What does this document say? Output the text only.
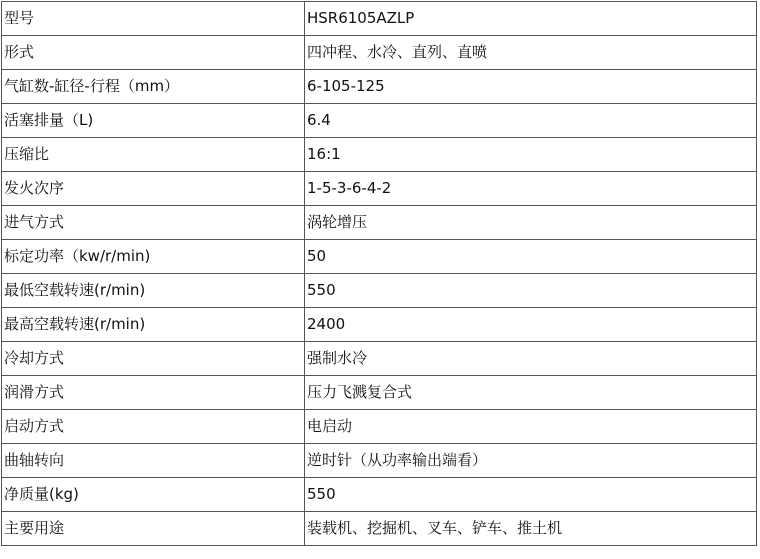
型号	HSR6105AZLP
形式	四冲程、水冷、直列、直喷
气缸数-缸径-行程（mm）	6-105-125
活塞排量（L)	6.4
压缩比	16:1
发火次序	1-5-3-6-4-2
进气方式	涡轮增压
标定功率（kw/r/min)	50
最低空载转速(r/min)	550
最高空载转速(r/min)	2400
冷却方式	强制水冷
润滑方式	压力飞溅复合式
启动方式	电启动
曲轴转向	逆时针（从功率输出端看）
净质量(kg)	550
主要用途	装载机、挖掘机、叉车、铲车、推土机
